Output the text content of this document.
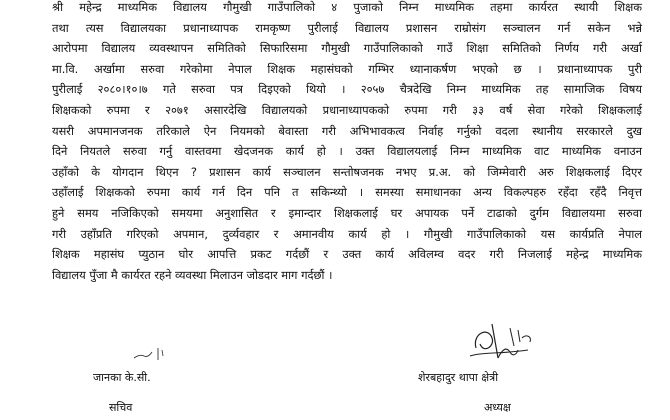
श्री महेन्द्र माध्यमिक विद्यालय गौमुखी गाउँपालिको ४ पुजाको निम्न माध्यमिक तहमा कार्यरत स्थायी शिक्षक
तथा त्यस विद्यालयका प्रधानाध्यापक रामकृष्ण पुरीलाई विद्यालय प्रशासन राम्रोसंग सञ्चालन गर्न सकेन भन्ने
आरोपमा विद्यालय व्यवस्थापन समितिको सिफारिसमा गौमुखी गाउँपालिकाको गाउँ शिक्षा समितिको निर्णय गरी अर्खा
मा.वि. अर्खामा सरुवा गरेकोमा नेपाल शिक्षक महासंघको गम्भिर ध्यानाकर्षण भएको छ । प्रधानाध्यापक पुरी
पुरीलाई २०८०।१०।७ गते सरुवा पत्र दिइएको थियो । २०५७ चैत्रदेखि निम्न माध्यमिक तह सामाजिक विषय
शिक्षकको रुपमा र २०७१ असारदेखि विद्यालयको प्रधानाध्यापकको रुपमा गरी ३३ वर्ष सेवा गरेको शिक्षकलाई
यसरी अपमानजनक तरिकाले ऐन नियमको बेवास्ता गरी अभिभावकत्व निर्वाह गर्नुको वदला स्थानीय सरकारले दुख
दिने नियतले सरुवा गर्नु वास्तवमा खेदजनक कार्य हो । उक्त विद्यालयलाई निम्न माध्यमिक वाट माध्यमिक वनाउन
उहाँको के योगदान थिएन ? प्रशासन कार्य सञ्चालन सन्तोषजनक नभए प्र.अ. को जिम्मेवारी अरु शिक्षकलाई दिएर
उहाँलाई शिक्षकको रुपमा कार्य गर्न दिन पनि त सकिन्थ्यो । समस्या समाधानका अन्य विकल्पहरु रहँदा रहँदै निवृत्त
हुने समय नजिकिएको समयमा अनुशासित र इमान्दार शिक्षकलाई घर अपायक पर्ने टाढाको दुर्गम विद्यालयमा सरुवा
गरी उहाँप्रति गरिएको अपमान, दुर्व्यवहार र अमानवीय कार्य हो । गौमुखी गाउँपालिकाको यस कार्यप्रति नेपाल
शिक्षक महासंघ प्युठान घोर आपत्ति प्रकट गर्दछौं र उक्त कार्य अविलम्व वदर गरी निजलाई महेन्द्र माध्यमिक
विद्यालय पुँजा मै कार्यरत रहने व्यवस्था मिलाउन जोडदार माग गर्दछौं ।
जानका के.सी.
सचिव
शेरबहादुर थापा क्षेत्री
अध्यक्ष
